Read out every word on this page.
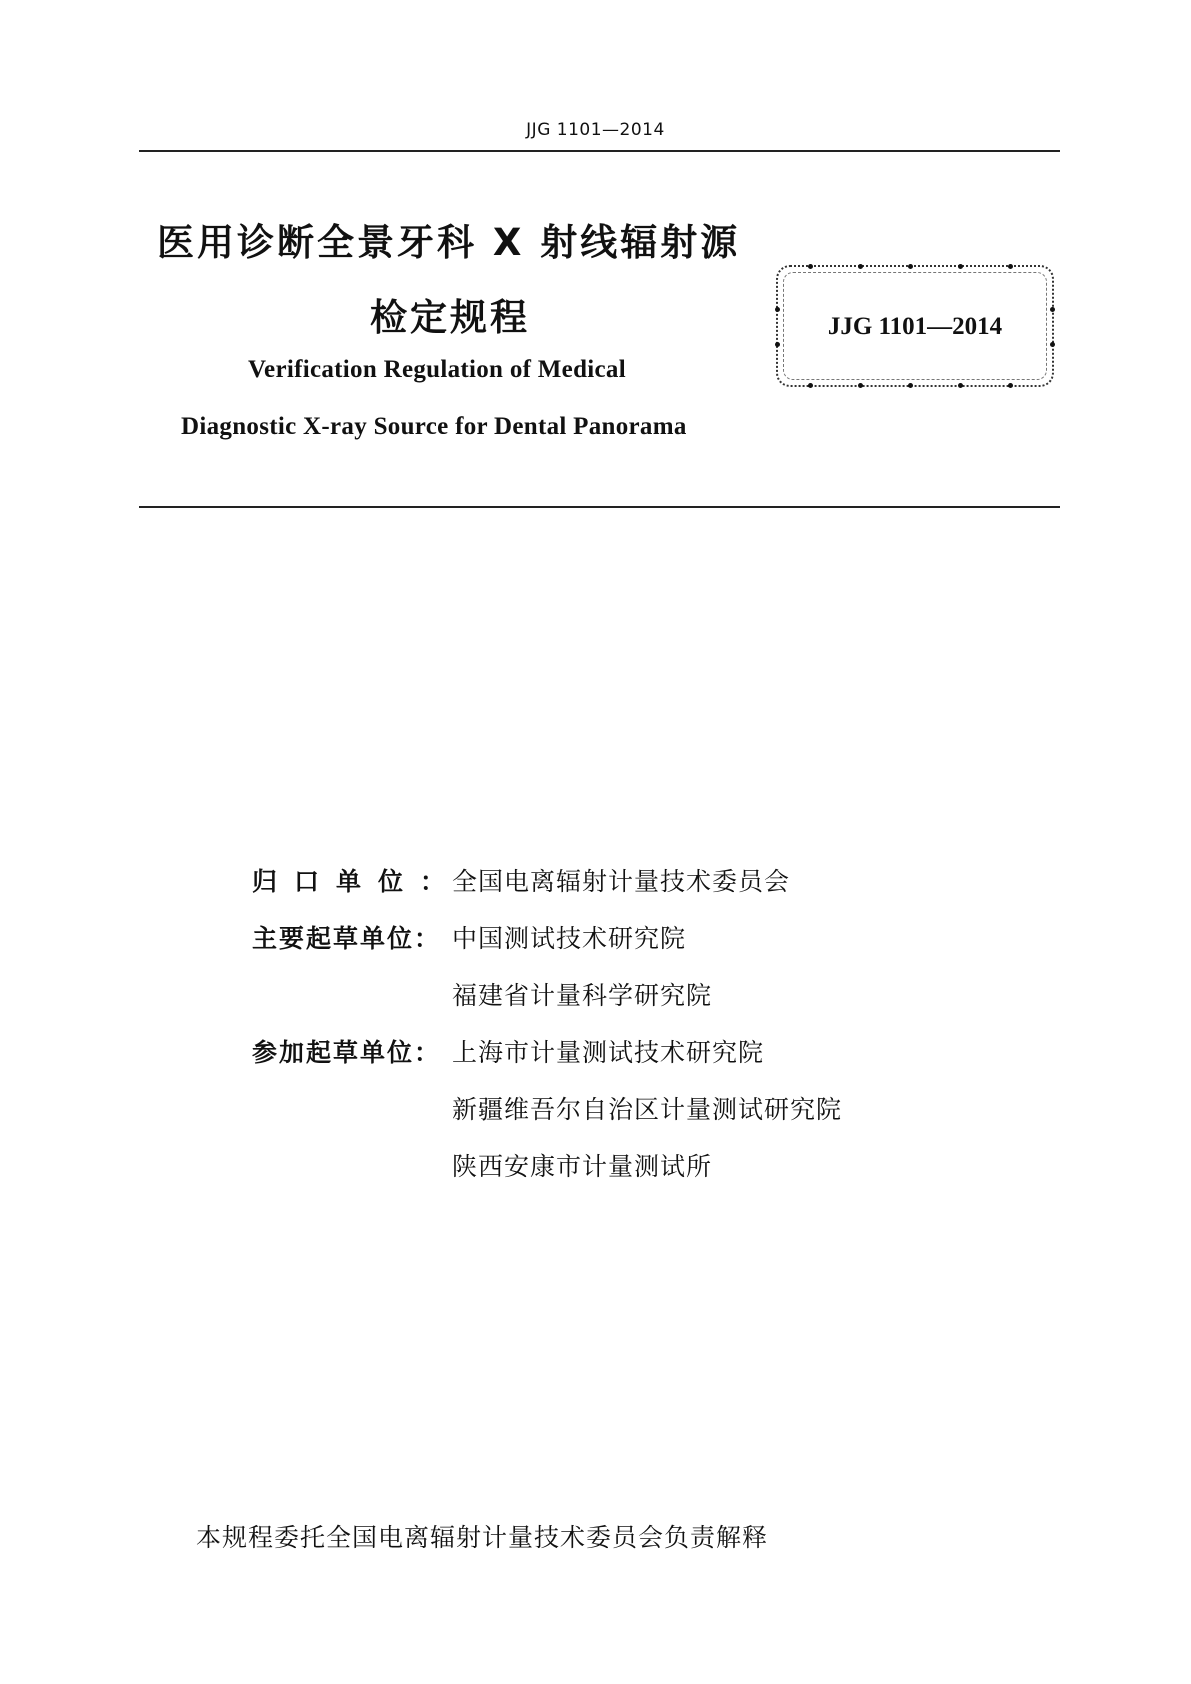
JJG 1101—2014
医用诊断全景牙科 X 射线辐射源
检定规程
Verification Regulation of Medical
Diagnostic X-ray Source for Dental Panorama
JJG 1101—2014
归口单位：
全国电离辐射计量技术委员会
主要起草单位： 中国测试技术研究院
福建省计量科学研究院
参加起草单位： 上海市计量测试技术研究院
新疆维吾尔自治区计量测试研究院
陕西安康市计量测试所
本规程委托全国电离辐射计量技术委员会负责解释
